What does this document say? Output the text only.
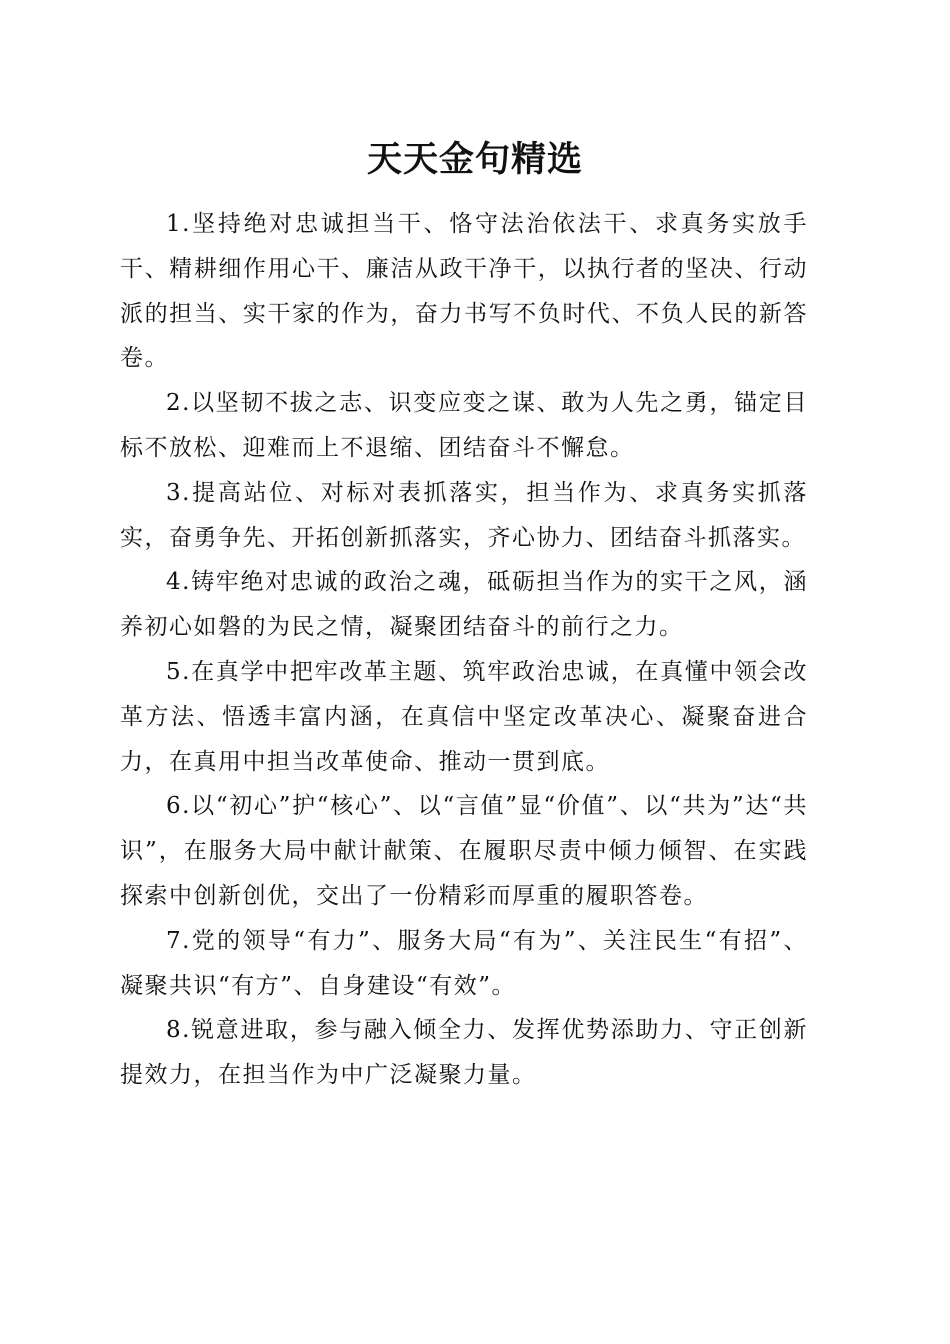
天天金句精选

1.坚持绝对忠诚担当干、恪守法治依法干、求真务实放手干、精耕细作用心干、廉洁从政干净干，以执行者的坚决、行动派的担当、实干家的作为，奋力书写不负时代、不负人民的新答卷。

2.以坚韧不拔之志、识变应变之谋、敢为人先之勇，锚定目标不放松、迎难而上不退缩、团结奋斗不懈怠。

3.提高站位、对标对表抓落实，担当作为、求真务实抓落实，奋勇争先、开拓创新抓落实，齐心协力、团结奋斗抓落实。

4.铸牢绝对忠诚的政治之魂，砥砺担当作为的实干之风，涵养初心如磐的为民之情，凝聚团结奋斗的前行之力。

5.在真学中把牢改革主题、筑牢政治忠诚，在真懂中领会改革方法、悟透丰富内涵，在真信中坚定改革决心、凝聚奋进合力，在真用中担当改革使命、推动一贯到底。

6.以“初心”护“核心”、以“言值”显“价值”、以“共为”达“共识”，在服务大局中献计献策、在履职尽责中倾力倾智、在实践探索中创新创优，交出了一份精彩而厚重的履职答卷。

7.党的领导“有力”、服务大局“有为”、关注民生“有招”、凝聚共识“有方”、自身建设“有效”。

8.锐意进取，参与融入倾全力、发挥优势添助力、守正创新提效力，在担当作为中广泛凝聚力量。
